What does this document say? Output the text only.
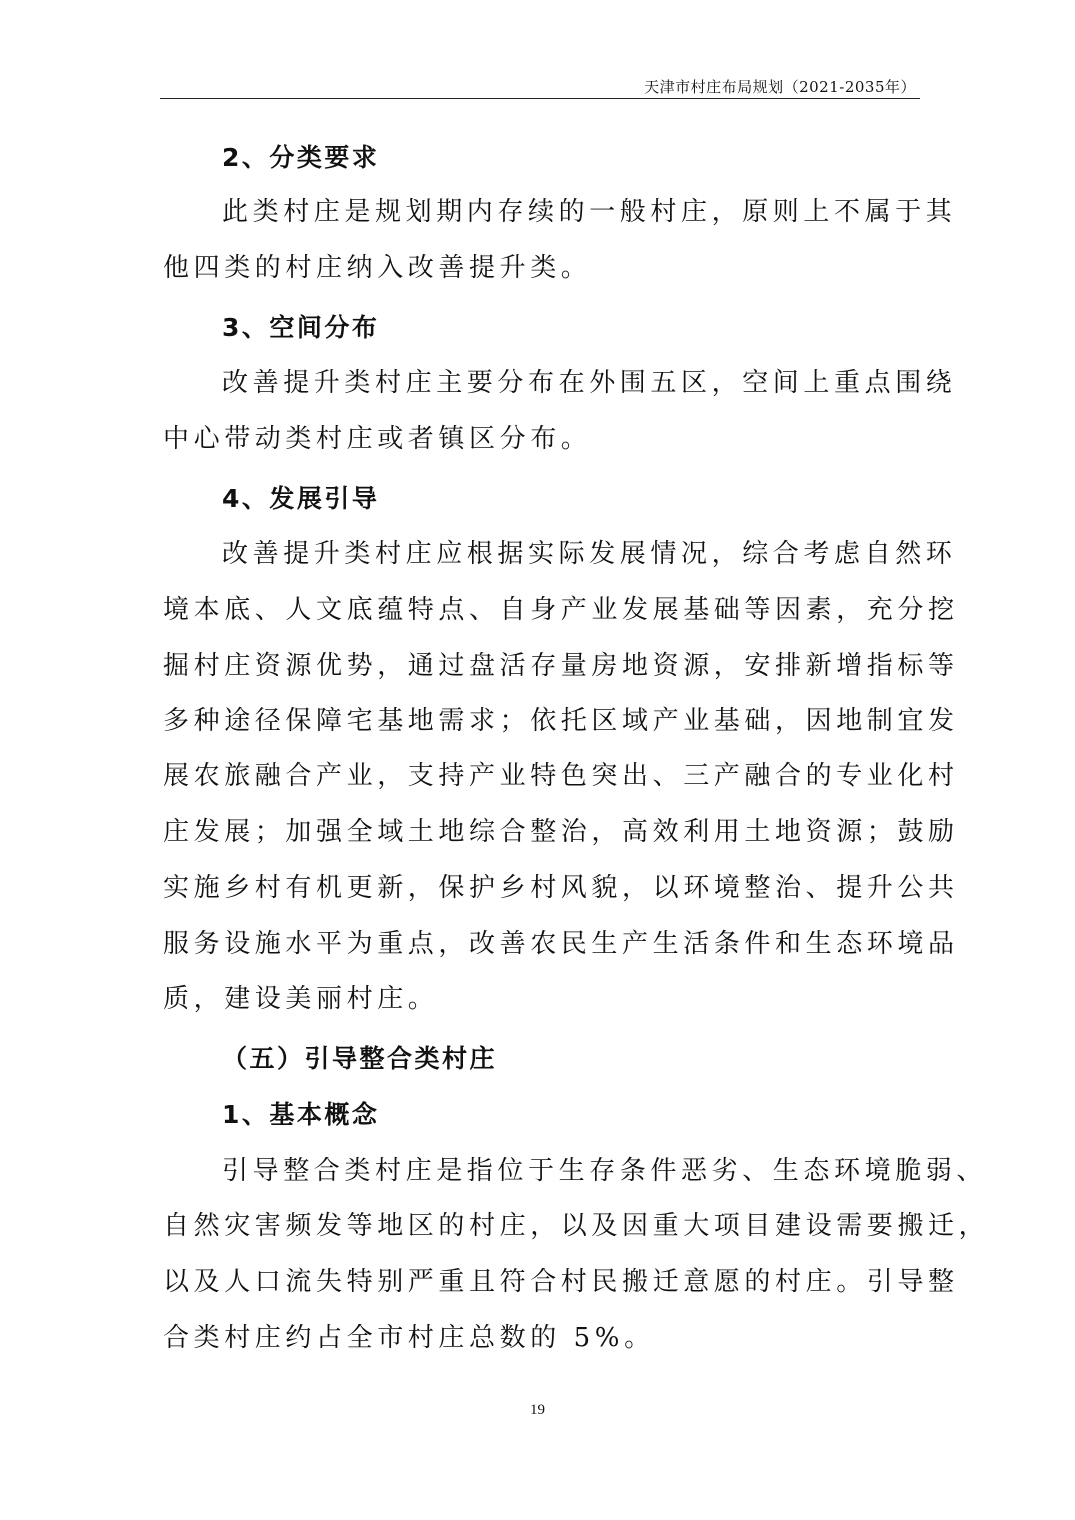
天津市村庄布局规划（2021-2035年）
2、分类要求
此类村庄是规划期内存续的一般村庄，原则上不属于其
他四类的村庄纳入改善提升类。
3、空间分布
改善提升类村庄主要分布在外围五区，空间上重点围绕
中心带动类村庄或者镇区分布。
4、发展引导
改善提升类村庄应根据实际发展情况，综合考虑自然环
境本底、人文底蕴特点、自身产业发展基础等因素，充分挖
掘村庄资源优势，通过盘活存量房地资源，安排新增指标等
多种途径保障宅基地需求；依托区域产业基础，因地制宜发
展农旅融合产业，支持产业特色突出、三产融合的专业化村
庄发展；加强全域土地综合整治，高效利用土地资源；鼓励
实施乡村有机更新，保护乡村风貌，以环境整治、提升公共
服务设施水平为重点，改善农民生产生活条件和生态环境品
质，建设美丽村庄。
（五）引导整合类村庄
1、基本概念
引导整合类村庄是指位于生存条件恶劣、生态环境脆弱、
自然灾害频发等地区的村庄，以及因重大项目建设需要搬迁，
以及人口流失特别严重且符合村民搬迁意愿的村庄。引导整
合类村庄约占全市村庄总数的 5%。
19
